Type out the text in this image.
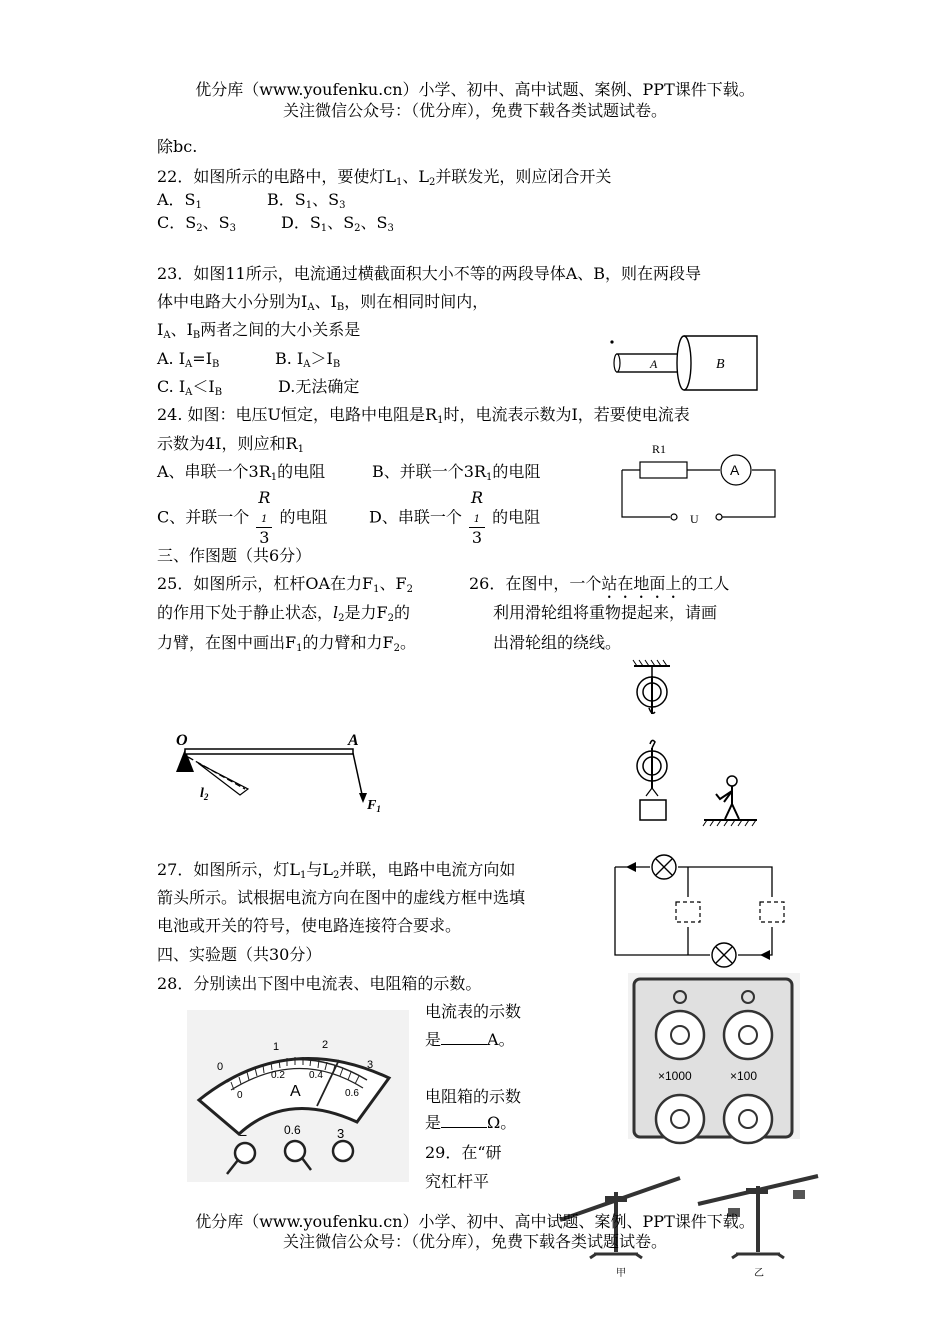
优分库（www.youfenku.cn）小学、初中、高中试题、案例、PPT课件下载。
关注微信公众号：（优分库），免费下载各类试题试卷。
除bc.
22．如图所示的电路中，要使灯$L_1$、$L_2$并联发光，则应闭合开关
A．$S_1$	B．$S_1$、$S_3$
C．$S_2$、$S_3$	D．$S_1$、$S_2$、$S_3$
23．如图11所示，电流通过横截面积大小不等的两段导体A、B，则在两段导
体中电路大小分别为$I_A$、$I_B$，则在相同时间内，
$I_A$、$I_B$两者之间的大小关系是
A. $I_A=I_B$	B. $I_A>I_B$
C. $I_A<I_B$	D.无法确定
A	B
24. 如图：电压U恒定，电路中电阻是$R_1$时，电流表示数为I，若要使电流表
示数为4I，则应和$R_1$
A、串联一个$3R_1$的电阻	B、并联一个$3R_1$的电阻
C、并联一个 R
$_1$
3 的电阻	D、串联一个 R
$_1$
3 的电阻
R1
A
U
三、作图题（共6分）
25．如图所示，杠杆OA在力$F_1$、$F_2$
的作用下处于静止状态，$l_2$是力$F_2$的
力臂，在图中画出$F_1$的力臂和力$F_2$。
26．在图中，一个站在地面上的工人
利用滑轮组将重物提起来，请画
出滑轮组的绕线。
O	A
$F_1$
$l_2$
27．如图所示，灯$L_1$与$L_2$并联，电路中电流方向如
箭头所示。试根据电流方向在图中的虚线方框中选填
电池或开关的符号，使电路连接符合要求。
四、实验题（共30分）
28．分别读出下图中电流表、电阻箱的示数。
电流表的示数
是	A。
电阻箱的示数
是	Ω。
0
1	2
3
0
0.2 0.4
0.6
A
−	0.6	3
×1000	×100
29．在“研
究杠杆平
甲	乙
优分库（www.youfenku.cn）小学、初中、高中试题、案例、PPT课件下载。
关注微信公众号：（优分库），免费下载各类试题试卷。
